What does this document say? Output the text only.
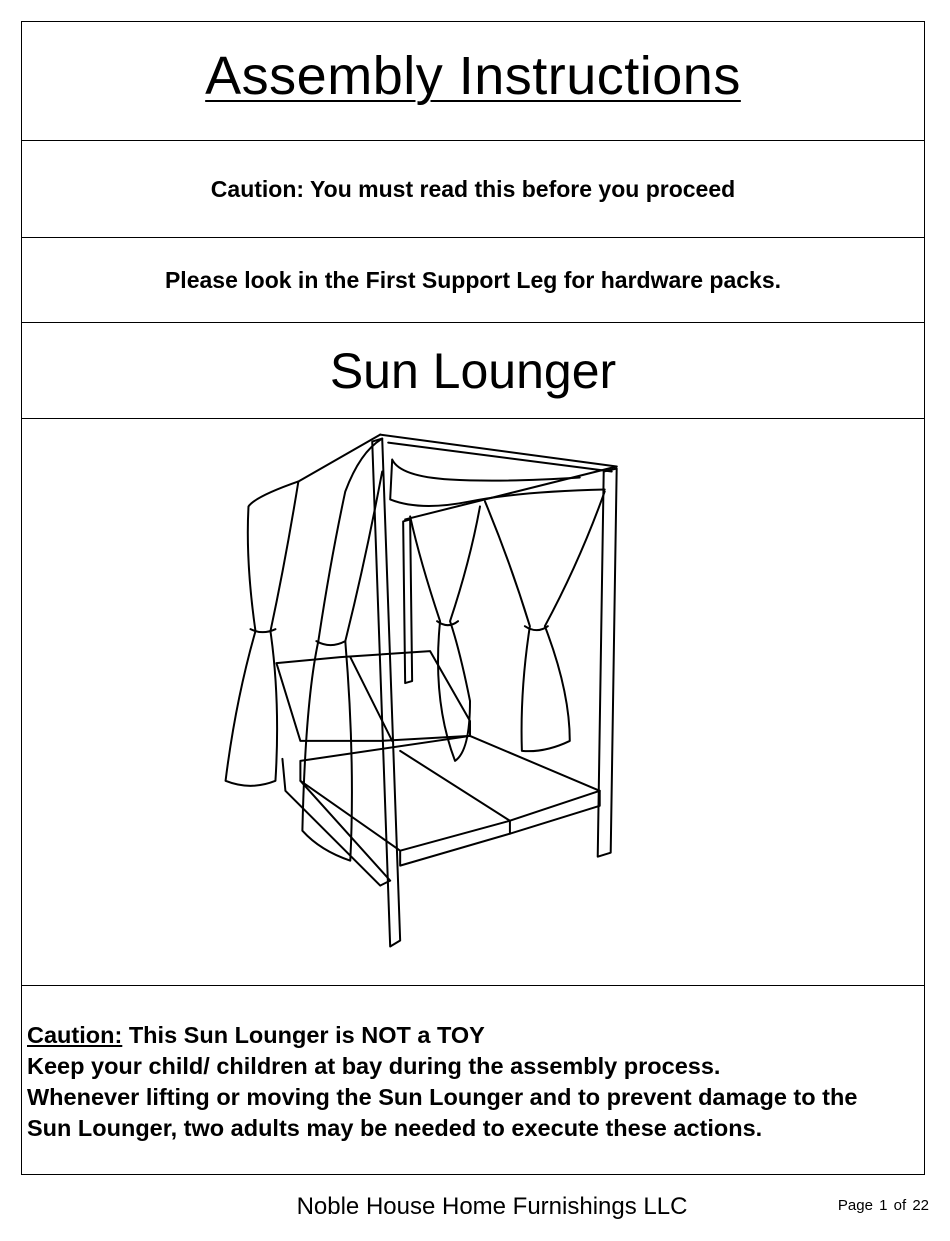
Assembly Instructions
Caution: You must read this before you proceed
Please look in the First Support Leg for hardware packs.
Sun Lounger
Caution: This Sun Lounger is NOT a TOY
Keep your child/ children at bay during the assembly process.
Whenever lifting or moving the Sun Lounger and to prevent damage to the
Sun Lounger, two adults may be needed to execute these actions.
Noble House Home Furnishings LLC	Page 1 of 22
